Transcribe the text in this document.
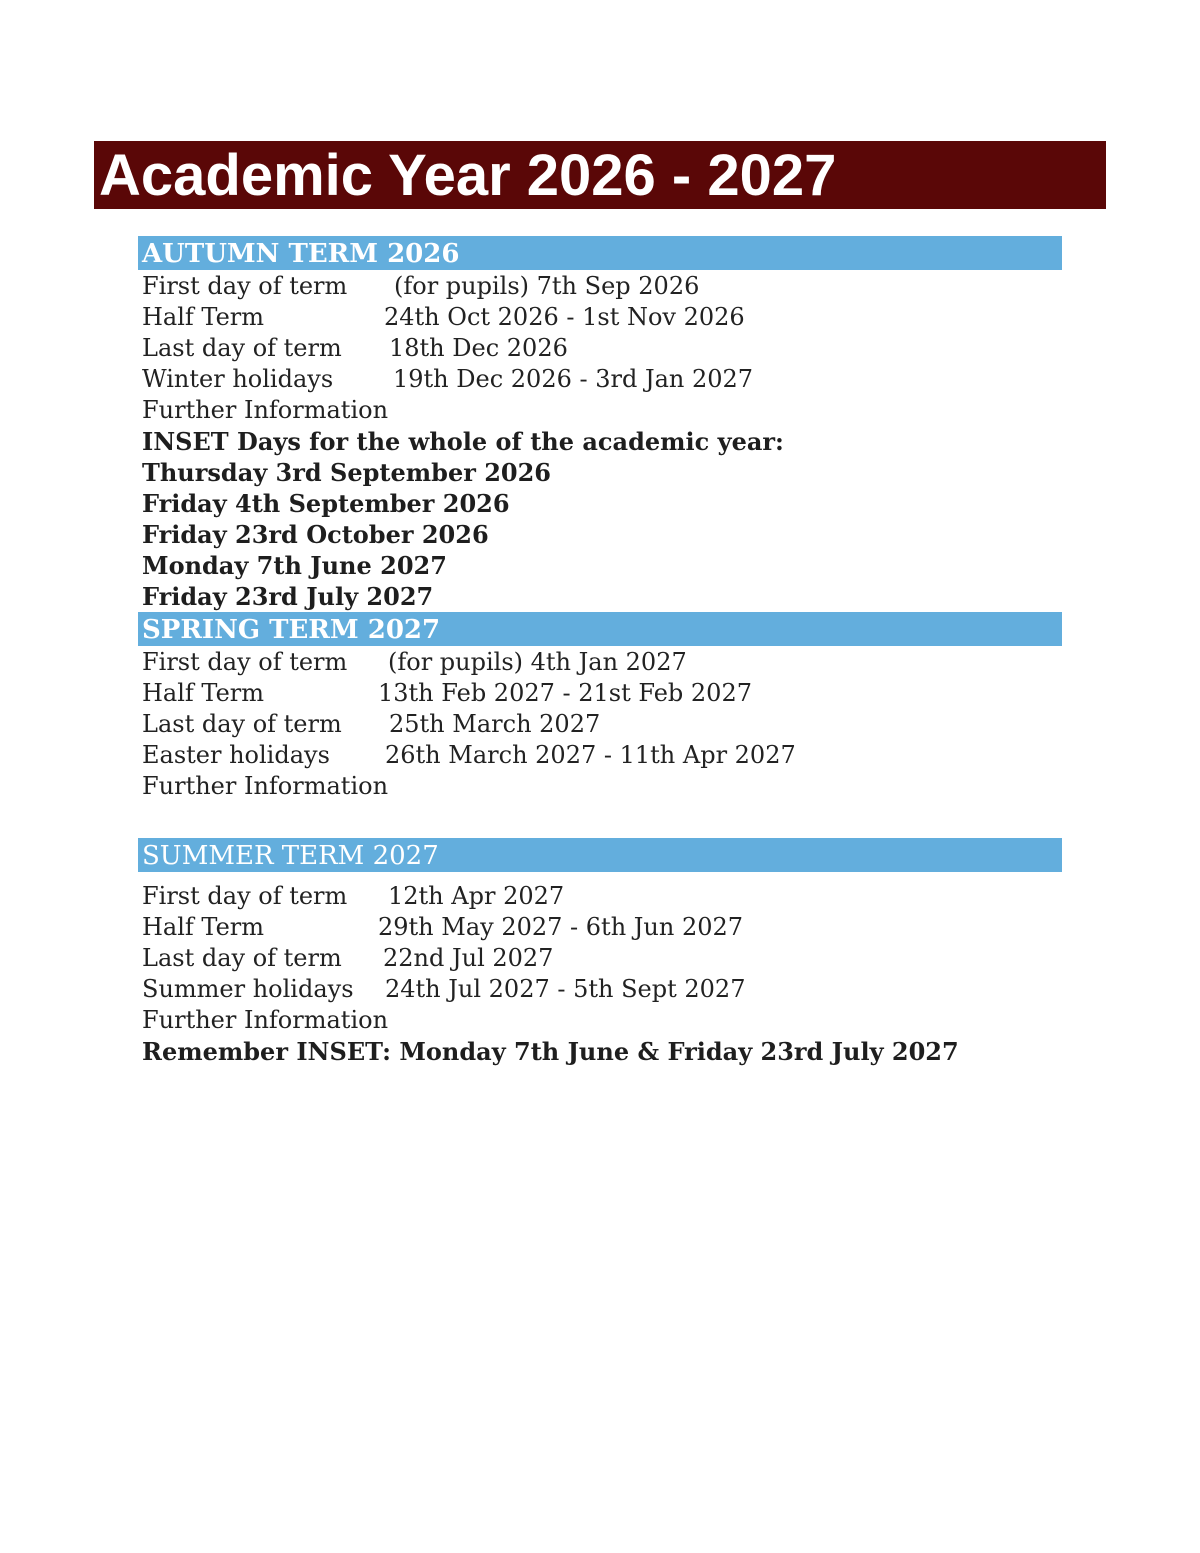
Academic Year 2026 - 2027
AUTUMN TERM 2026
First day of term (for pupils) 7th Sep 2026
Half Term	24th Oct 2026 - 1st Nov 2026
Last day of term 18th Dec 2026
Winter holidays 19th Dec 2026 - 3rd Jan 2027
Further Information
INSET Days for the whole of the academic year:
Thursday 3rd September 2026
Friday 4th September 2026
Friday 23rd October 2026
Monday 7th June 2027
Friday 23rd July 2027
SPRING TERM 2027
First day of term (for pupils) 4th Jan 2027
Half Term	13th Feb 2027 - 21st Feb 2027
Last day of term 25th March 2027
Easter holidays 26th March 2027 - 11th Apr 2027
Further Information
SUMMER TERM 2027
First day of term 12th Apr 2027
Half Term	29th May 2027 - 6th Jun 2027
Last day of term 22nd Jul 2027
Summer holidays 24th Jul 2027 - 5th Sept 2027
Further Information
Remember INSET: Monday 7th June & Friday 23rd July 2027
